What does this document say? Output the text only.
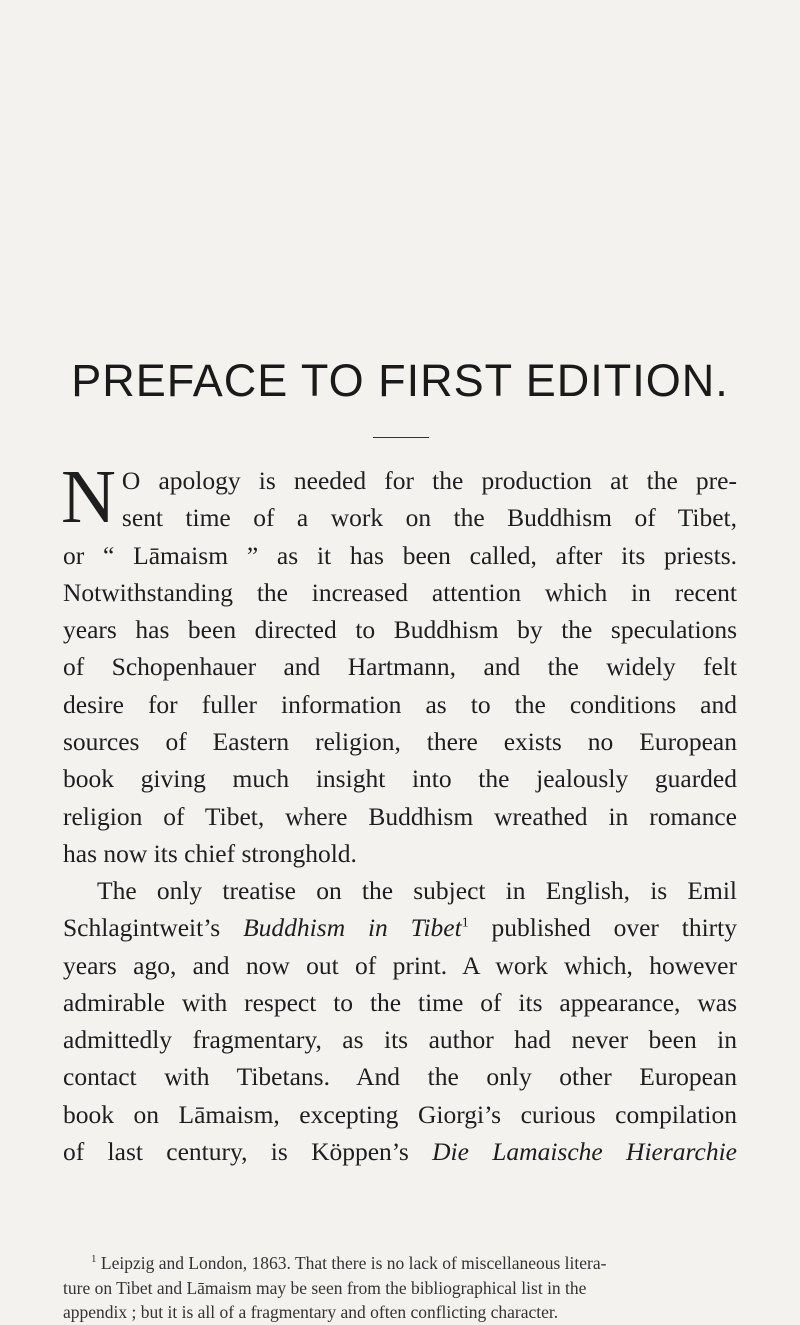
PREFACE TO FIRST EDITION.
N O apology is needed for the production at the pre-

sent time of a work on the Buddhism of Tibet,

or “ Lāmaism ” as it has been called, after its priests.

Notwithstanding the increased attention which in recent

years has been directed to Buddhism by the speculations

of Schopenhauer and Hartmann, and the widely felt

desire for fuller information as to the conditions and

sources of Eastern religion, there exists no European

book giving much insight into the jealously guarded

religion of Tibet, where Buddhism wreathed in romance

has now its chief stronghold.

The only treatise on the subject in English, is Emil

Schlagintweit’s Buddhism in Tibet$^1$ published over thirty

years ago, and now out of print. A work which, however

admirable with respect to the time of its appearance, was

admittedly fragmentary, as its author had never been in

contact with Tibetans. And the only other European

book on Lāmaism, excepting Giorgi’s curious compilation

of last century, is Köppen’s Die Lamaische Hierarchie

$^1$ Leipzig and London, 1863. That there is no lack of miscellaneous litera-

ture on Tibet and Lāmaism may be seen from the bibliographical list in the

appendix ; but it is all of a fragmentary and often conflicting character.
